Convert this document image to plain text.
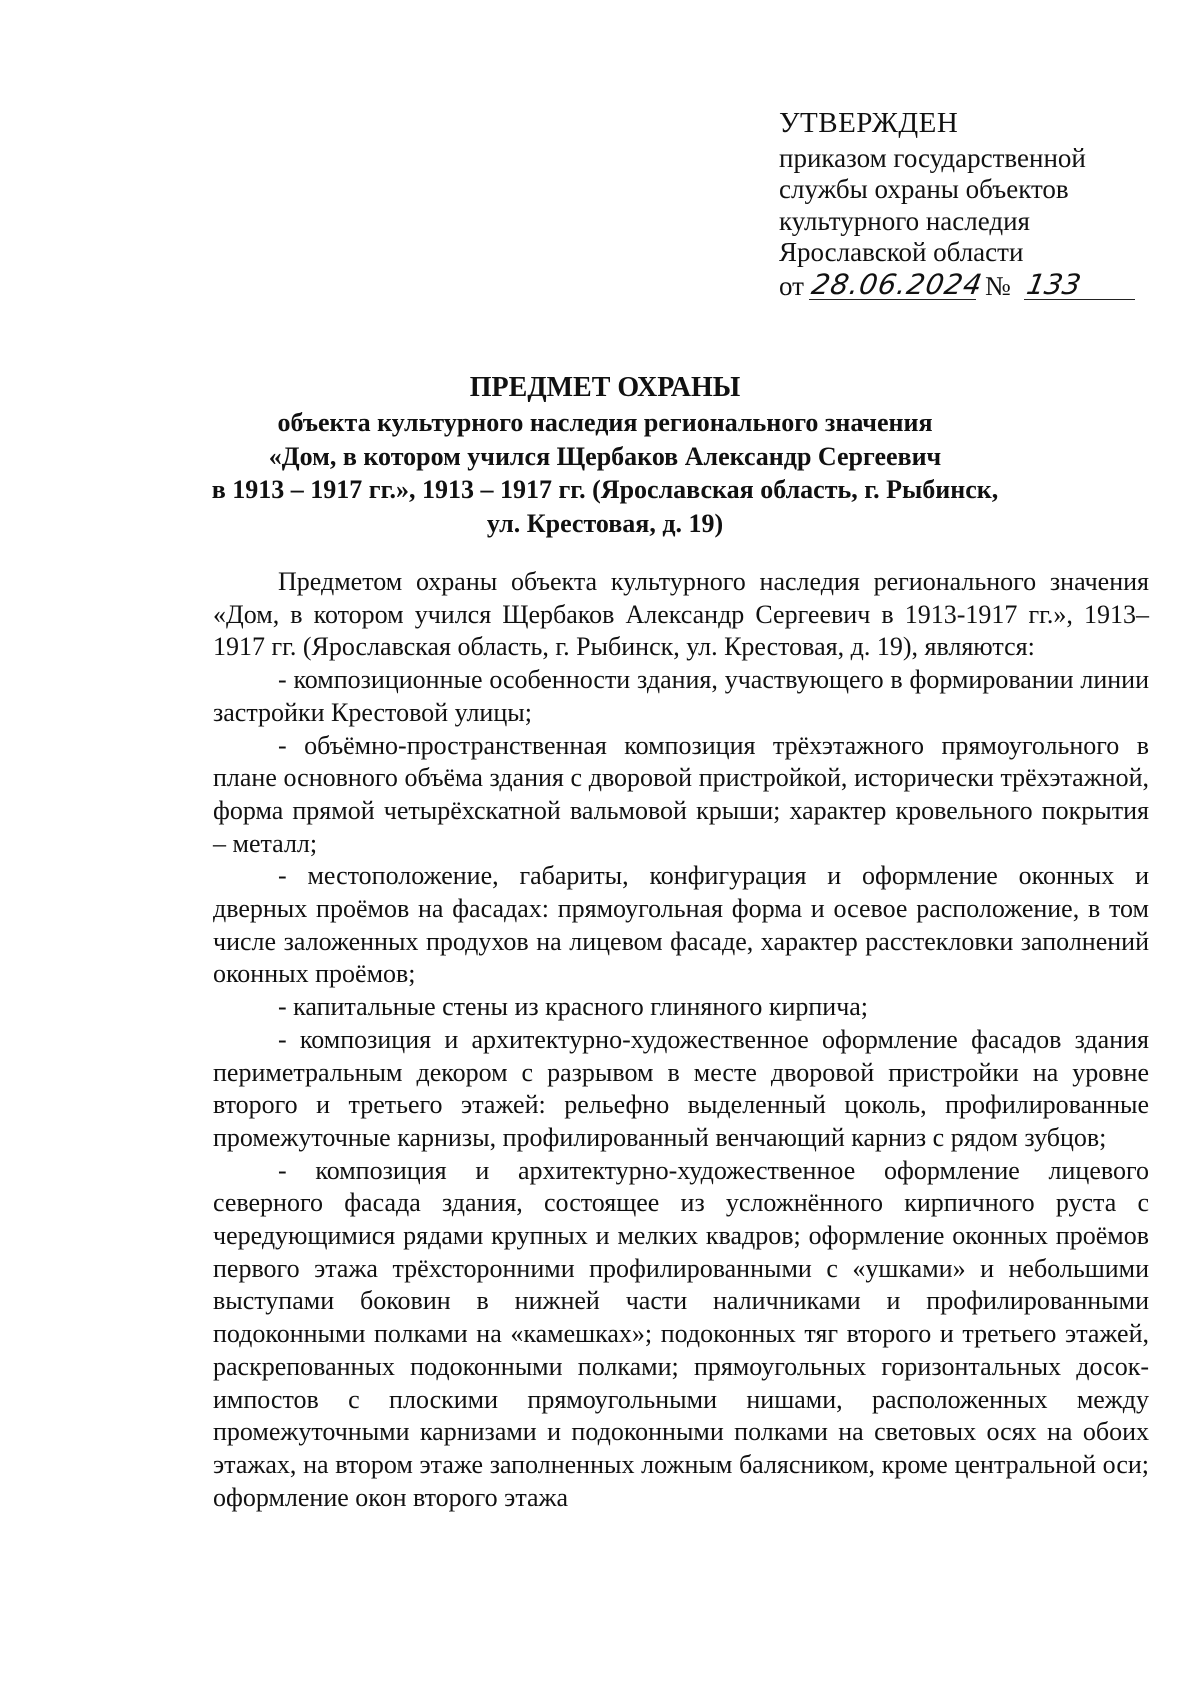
УТВЕРЖДЕН
приказом государственной
службы охраны объектов
культурного наследия
Ярославской области
от 28.06.2024 № 133
ПРЕДМЕТ ОХРАНЫ
объекта культурного наследия регионального значения
«Дом, в котором учился Щербаков Александр Сергеевич
в 1913 – 1917 гг.», 1913 – 1917 гг. (Ярославская область, г. Рыбинск,
ул. Крестовая, д. 19)

Предметом охраны объекта культурного наследия регионального значения «Дом, в котором учился Щербаков Александр Сергеевич в 1913-1917 гг.», 1913–1917 гг. (Ярославская область, г. Рыбинск, ул. Крестовая, д. 19), являются:

- композиционные особенности здания, участвующего в формировании линии застройки Крестовой улицы;

- объёмно-пространственная композиция трёхэтажного прямоугольного в плане основного объёма здания с дворовой пристройкой, исторически трёхэтажной, форма прямой четырёхскатной вальмовой крыши; характер кровельного покрытия – металл;

- местоположение, габариты, конфигурация и оформление оконных и дверных проёмов на фасадах: прямоугольная форма и осевое расположение, в том числе заложенных продухов на лицевом фасаде, характер расстекловки заполнений оконных проёмов;

- капитальные стены из красного глиняного кирпича;

- композиция и архитектурно-художественное оформление фасадов здания периметральным декором с разрывом в месте дворовой пристройки на уровне второго и третьего этажей: рельефно выделенный цоколь, профилированные промежуточные карнизы, профилированный венчающий карниз с рядом зубцов;

- композиция и архитектурно-художественное оформление лицевого северного фасада здания, состоящее из усложнённого кирпичного руста с чередующимися рядами крупных и мелких квадров; оформление оконных проёмов первого этажа трёхсторонними профилированными с «ушками» и небольшими выступами боковин в нижней части наличниками и профилированными подоконными полками на «камешках»; подоконных тяг второго и третьего этажей, раскрепованных подоконными полками; прямоугольных горизонтальных досок-импостов с плоскими прямоугольными нишами, расположенных между промежуточными карнизами и подоконными полками на световых осях на обоих этажах, на втором этаже заполненных ложным балясником, кроме центральной оси; оформление окон второго этажа
